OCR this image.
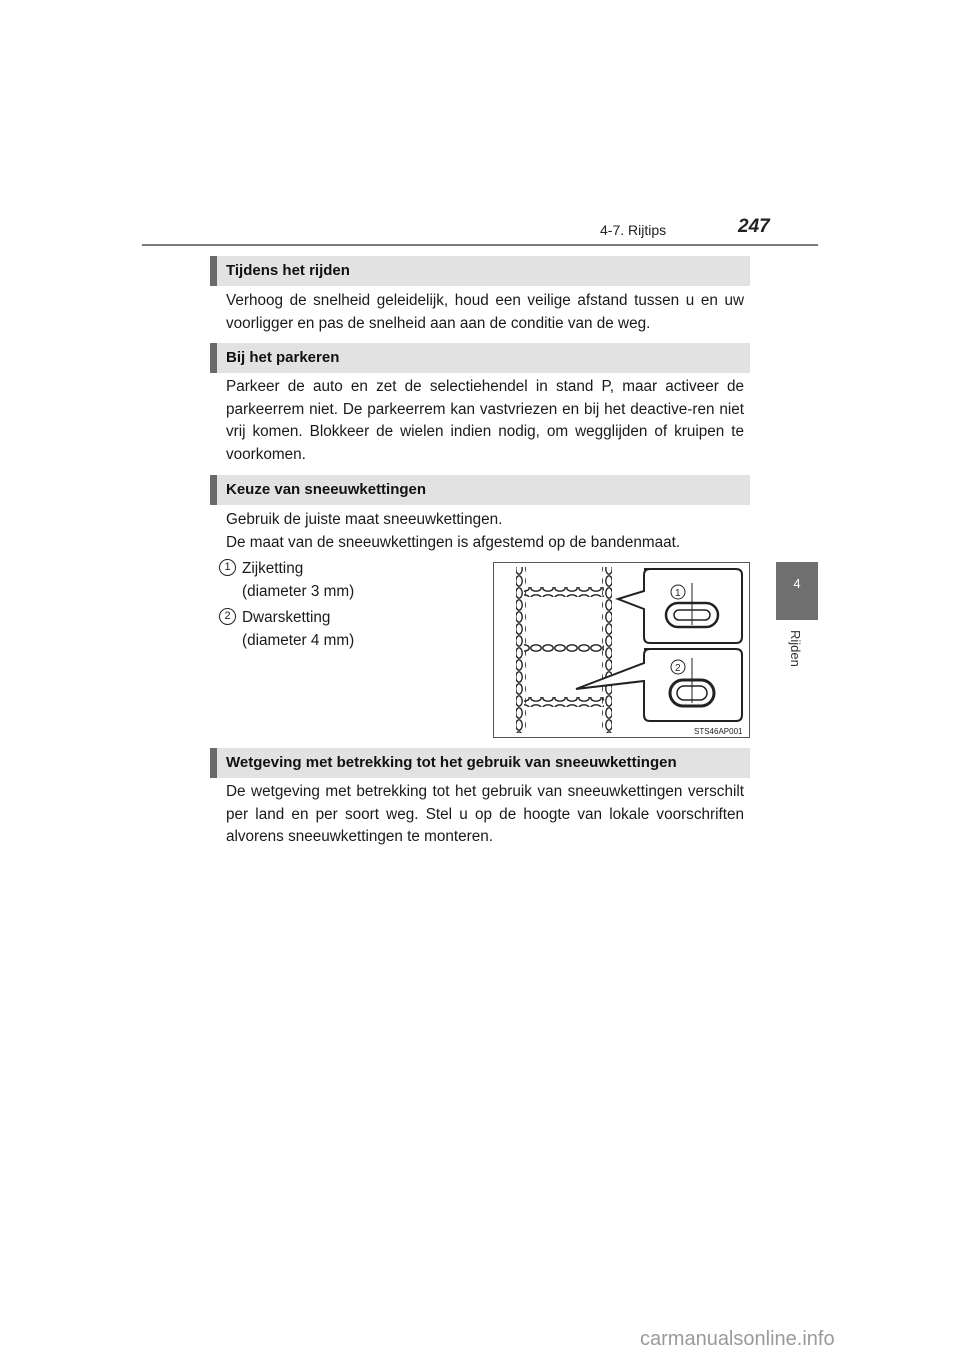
4-7. Rijtips	247
4
Rijden
Tijdens het rijden
Verhoog de snelheid geleidelijk, houd een veilige afstand tussen u en uw voorligger en pas de snelheid aan aan de conditie van de weg.
Bij het parkeren
Parkeer de auto en zet de selectiehendel in stand P, maar activeer de parkeerrem niet. De parkeerrem kan vastvriezen en bij het deactive-ren niet vrij komen. Blokkeer de wielen indien nodig, om wegglijden of kruipen te voorkomen.
Keuze van sneeuwkettingen
Gebruik de juiste maat sneeuwkettingen.
De maat van de sneeuwkettingen is afgestemd op de bandenmaat.
1 Zijketting
(diameter 3 mm)
2 Dwarsketting
(diameter 4 mm)
1
2
STS46AP001
Wetgeving met betrekking tot het gebruik van sneeuwkettingen
De wetgeving met betrekking tot het gebruik van sneeuwkettingen verschilt per land en per soort weg. Stel u op de hoogte van lokale voorschriften alvorens sneeuwkettingen te monteren.
carmanualsonline.info
